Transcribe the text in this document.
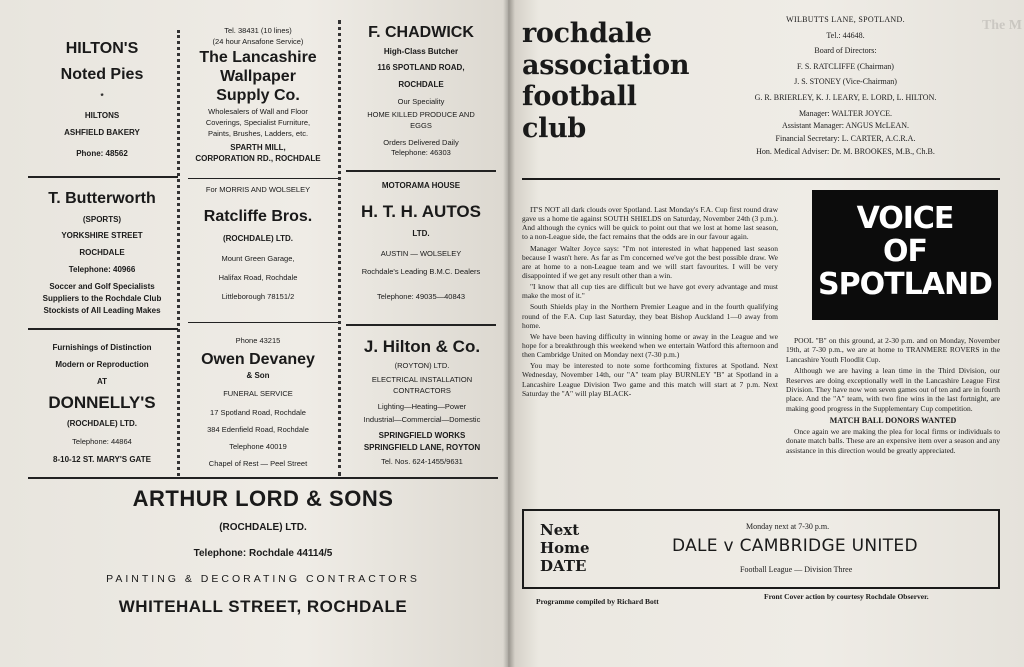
HILTON'S
Noted Pies
*
HILTONS
ASHFIELD BAKERY
Phone: 48562
Tel. 38431 (10 lines)
(24 hour Ansafone Service)
The Lancashire
Wallpaper
Supply Co.
Wholesalers of Wall and Floor
Coverings, Specialist Furniture,
Paints, Brushes, Ladders, etc.
SPARTH MILL,
CORPORATION RD., ROCHDALE
F. CHADWICK
High-Class Butcher
116 SPOTLAND ROAD,
ROCHDALE
Our Speciality
HOME KILLED PRODUCE AND
EGGS
Orders Delivered Daily
Telephone: 46303
T. Butterworth
(SPORTS)
YORKSHIRE STREET
ROCHDALE
Telephone: 40966
Soccer and Golf Specialists
Suppliers to the Rochdale Club
Stockists of All Leading Makes
For MORRIS AND WOLSELEY
Ratcliffe Bros.
(ROCHDALE) LTD.
Mount Green Garage,
Halifax Road, Rochdale
Littleborough 78151/2
MOTORAMA HOUSE
H. T. H. AUTOS
LTD.
AUSTIN — WOLSELEY
Rochdale's Leading B.M.C. Dealers
Telephone: 49035—40843
Furnishings of Distinction
Modern or Reproduction
AT
DONNELLY'S
(ROCHDALE) LTD.
Telephone: 44864
8-10-12 ST. MARY'S GATE
Phone 43215
Owen Devaney
& Son
FUNERAL SERVICE
17 Spotland Road, Rochdale
384 Edenfield Road, Rochdale
Telephone 40019
Chapel of Rest — Peel Street
J. Hilton & Co.
(ROYTON) LTD.
ELECTRICAL INSTALLATION
CONTRACTORS
Lighting—Heating—Power
Industrial—Commercial—Domestic
SPRINGFIELD WORKS
SPRINGFIELD LANE, ROYTON
Tel. Nos. 624-1455/9631
ARTHUR LORD & SONS
(ROCHDALE) LTD.
Telephone: Rochdale 44114/5
PAINTING & DECORATING CONTRACTORS
WHITEHALL STREET, ROCHDALE
rochdale
association
football
club
The M
WILBUTTS LANE, SPOTLAND.
Tel.: 44648.
Board of Directors:
F. S. RATCLIFFE (Chairman)
J. S. STONEY (Vice-Chairman)
G. R. BRIERLEY, K. J. LEARY, E. LORD, L. HILTON.
Manager: WALTER JOYCE.
Assistant Manager: ANGUS McLEAN.
Financial Secretary: L. CARTER, A.C.R.A.
Hon. Medical Adviser: Dr. M. BROOKES, M.B., Ch.B.

IT'S NOT all dark clouds over Spotland. Last Monday's F.A. Cup first round draw gave us a home tie against SOUTH SHIELDS on Saturday, November 24th (3 p.m.). And although the cynics will be quick to point out that we lost at home last season, to a non-League side, the fact remains that the odds are in our favour again.

Manager Walter Joyce says: "I'm not interested in what happened last season because I wasn't here. As far as I'm concerned we've got the best possible draw. We are at home to a non-League team and we will start favourites. I will be very disappointed if we get any result other than a win.

"I know that all cup ties are difficult but we have got every advantage and must make the most of it."

South Shields play in the Northern Premier League and in the fourth qualifying round of the F.A. Cup last Saturday, they beat Bishop Auckland 1—0 away from home.

We have been having difficulty in winning home or away in the League and we hope for a breakthrough this weekend when we entertain Watford this afternoon and then Cambridge United on Monday next (7-30 p.m.)

You may be interested to note some forthcoming fixtures at Spotland. Next Wednesday, November 14th, our "A" team play BURNLEY "B" at Spotland in a Lancashire League Division Two game and this match will start at 7 p.m. Next Saturday the "A" will play BLACK-

VOICE
OF
SPOTLAND

POOL "B" on this ground, at 2-30 p.m. and on Monday, November 19th, at 7-30 p.m., we are at home to TRANMERE ROVERS in the Lancashire Youth Floodlit Cup.

Although we are having a lean time in the Third Division, our Reserves are doing exceptionally well in the Lancashire League First Division. They have now won seven games out of ten and are in fourth place. And the "A" team, with two fine wins in the last fortnight, are making good progress in the Supplementary Cup competition.

MATCH BALL DONORS WANTED

Once again we are making the plea for local firms or individuals to donate match balls. These are an expensive item over a season and any assistance in this direction would be greatly appreciated.

Next
Home
DATE
Monday next at 7-30 p.m.
DALE v CAMBRIDGE UNITED
Football League — Division Three
Programme compiled by Richard Bott
Front Cover action by courtesy Rochdale Observer.
